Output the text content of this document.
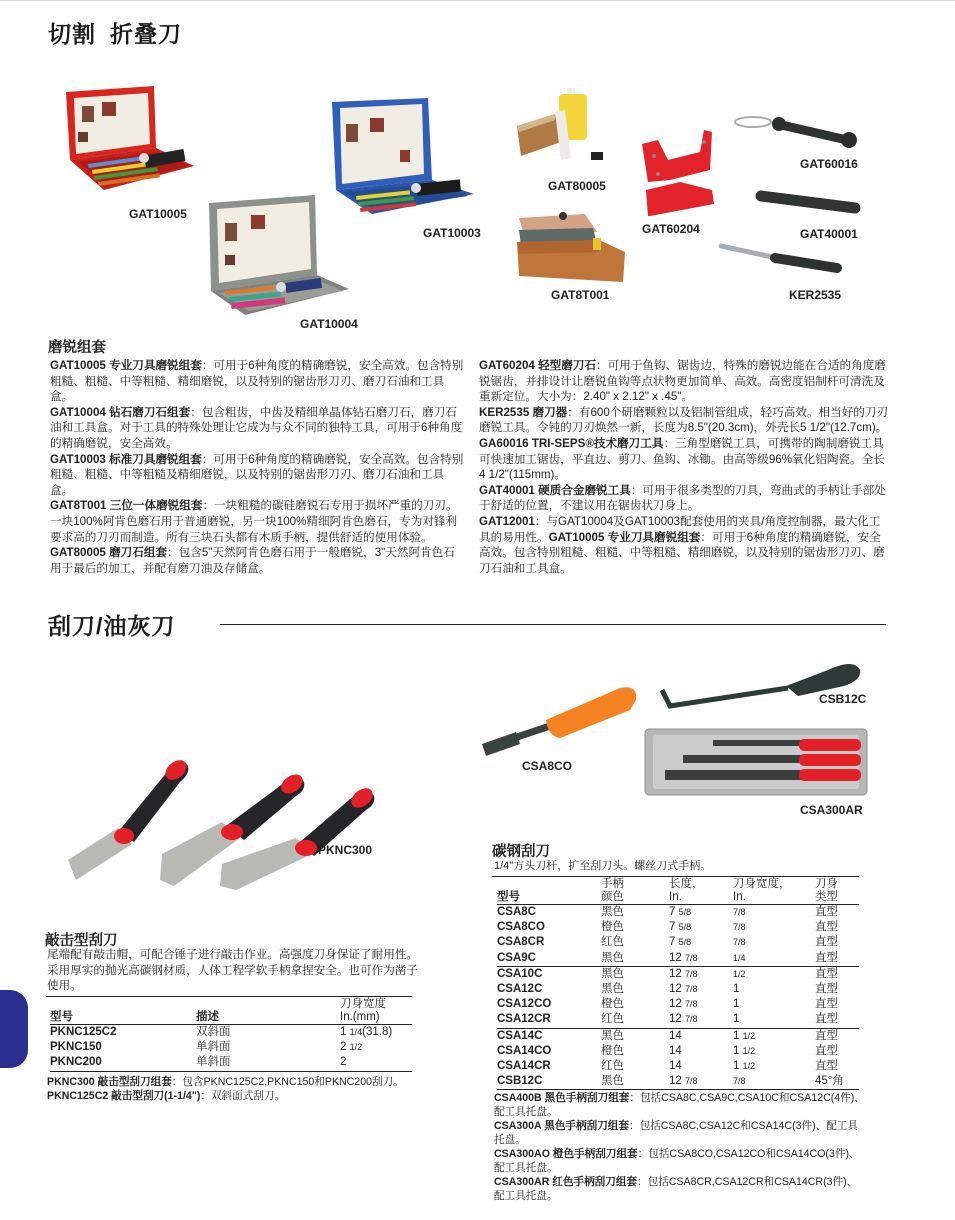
切割 折叠刀
GAT10005
GAT10004
GAT10003
GAT80005
GAT8T001
GAT60204
GAT60016
GAT40001
KER2535
磨锐组套
GAT10005 专业刀具磨锐组套：可用于6种角度的精确磨锐，安全高效。包含特别粗糙、粗糙、中等粗糙、精细磨锐，以及特别的锯齿形刀刃、磨刀石油和工具盒。
GAT10004 钻石磨刀石组套：包含粗齿，中齿及精细单晶体钻石磨刀石，磨刀石油和工具盒。对于工具的特殊处理让它成为与众不同的独特工具，可用于6种角度的精确磨锐，安全高效。
GAT10003 标准刀具磨锐组套：可用于6种角度的精确磨锐，安全高效。包含特别粗糙、粗糙、中等粗糙及精细磨锐，以及特别的锯齿形刀刃、磨刀石油和工具盒。
GAT8T001 三位一体磨锐组套：一块粗糙的碳硅磨锐石专用于损坏严重的刀刃。一块100%阿肯色磨石用于普通磨锐，另一块100%精细阿肯色磨石，专为对锋利要求高的刀刃而制造。所有三块石头都有木质手柄，提供舒适的使用体验。
GAT80005 磨刀石组套：包含5"天然阿肯色磨石用于一般磨锐，3"天然阿肯色石用于最后的加工，并配有磨刀油及存储盒。
GAT60204 轻型磨刀石：可用于鱼钩、锯齿边，特殊的磨锐边能在合适的角度磨锐锯齿，并排设计让磨锐鱼钩等点状物更加简单、高效。高密度铝制杆可清洗及重新定位。大小为：2.40" x 2.12" x .45"。
KER2535 磨刀器：有600个研磨颗粒以及铝制管组成，轻巧高效。相当好的刀刃磨锐工具。令钝的刀刃焕然一新，长度为8.5"(20.3cm)，外壳长5 1/2"(12.7cm)。
GA60016 TRI-SEPS®技术磨刀工具：三角型磨锐工具，可携带的陶制磨锐工具可快速加工锯齿，平直边、剪刀、鱼钩、冰锄。由高等级96%氧化铝陶瓷。全长4 1/2"(115mm)。
GAT40001 硬质合金磨锐工具：可用于很多类型的刀具，弯曲式的手柄让手部处于舒适的位置，不建议用在锯齿状刀身上。
GAT12001：与GAT10004及GAT10003配套使用的夹具/角度控制器，最大化工具的易用性。GAT10005 专业刀具磨锐组套：可用于6种角度的精确磨锐，安全高效。包含特别粗糙、粗糙、中等粗糙、精细磨锐，以及特别的锯齿形刀刃、磨刀石油和工具盒。
刮刀/油灰刀
PKNC300
CSA8CO
CSB12C
CSA300AR
敲击型刮刀
尾端配有敲击帽，可配合锤子进行敲击作业。高强度刀身保证了耐用性。采用厚实的抛光高碳钢材质，人体工程学软手柄拿捏安全。也可作为凿子使用。
型号	描述	刀身宽度
In.(mm)
PKNC125C2	双斜面	1 1/4(31.8)
PKNC150	单斜面	2 1/2
PKNC200	单斜面	2
PKNC300 敲击型刮刀组套：包含PKNC125C2,PKNC150和PKNC200刮刀。
PKNC125C2 敲击型刮刀(1-1/4")：双斜面式刮刀。
碳钢刮刀
1/4"方头刀杆，扩至刮刀头。螺丝刀式手柄。
型号	手柄
颜色	长度，
In.	刀身宽度，
In.	刀身
类型
CSA8C	黑色	7 5/8	7/8	直型
CSA8CO	橙色	7 5/8	7/8	直型
CSA8CR	红色	7 5/8	7/8	直型
CSA9C	黑色	12 7/8	1/4	直型
CSA10C	黑色	12 7/8	1/2	直型
CSA12C	黑色	12 7/8	1	直型
CSA12CO	橙色	12 7/8	1	直型
CSA12CR	红色	12 7/8	1	直型
CSA14C	黑色	14	1 1/2	直型
CSA14CO	橙色	14	1 1/2	直型
CSA14CR	红色	14	1 1/2	直型
CSB12C	黑色	12 7/8	7/8	45°角
CSA400B 黑色手柄刮刀组套：包括CSA8C,CSA9C,CSA10C和CSA12C(4件)、配工具托盘。
CSA300A 黑色手柄刮刀组套：包括CSA8C,CSA12C和CSA14C(3件)、配工具托盘。
CSA300AO 橙色手柄刮刀组套：包括CSA8CO,CSA12CO和CSA14CO(3件)、配工具托盘。
CSA300AR 红色手柄刮刀组套：包括CSA8CR,CSA12CR和CSA14CR(3件)、配工具托盘。
